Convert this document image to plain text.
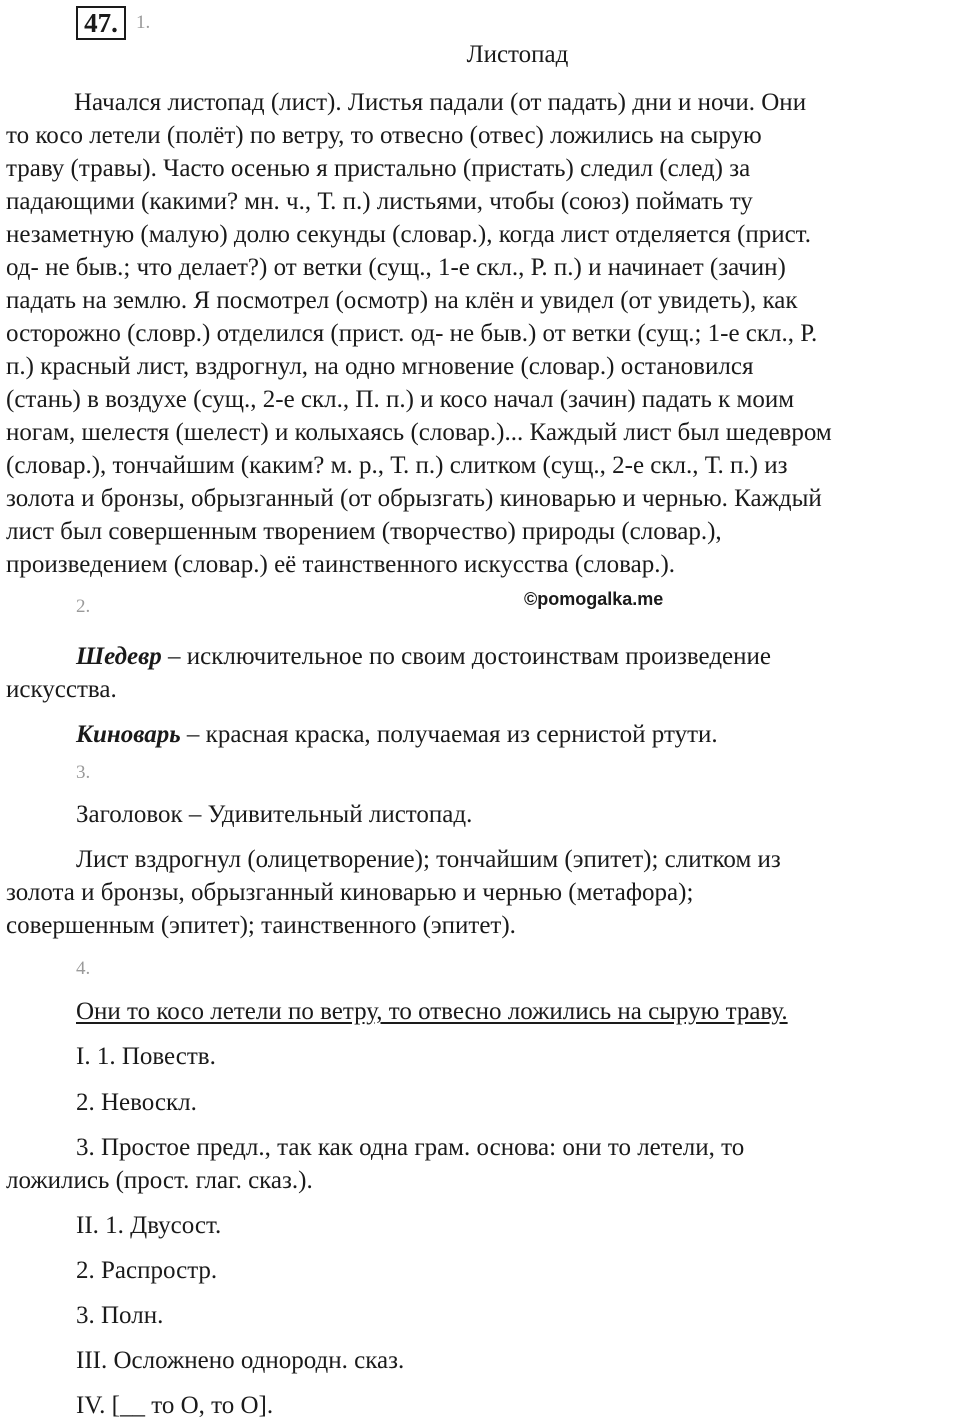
47. 1.
Листопад
Начался листопад (лист). Листья падали (от падать) дни и ночи. Они
то косо летели (полёт) по ветру, то отвесно (отвес) ложились на сырую
траву (травы). Часто осенью я пристально (пристать) следил (след) за
падающими (какими? мн. ч., Т. п.) листьями, чтобы (союз) поймать ту
незаметную (малую) долю секунды (словар.), когда лист отделяется (прист.
од- не быв.; что делает?) от ветки (сущ., 1-е скл., Р. п.) и начинает (зачин)
падать на землю. Я посмотрел (осмотр) на клён и увидел (от увидеть), как
осторожно (словр.) отделился (прист. од- не быв.) от ветки (сущ.; 1-е скл., Р.
п.) красный лист, вздрогнул, на одно мгновение (словар.) остановился
(стань) в воздухе (сущ., 2-е скл., П. п.) и косо начал (зачин) падать к моим
ногам, шелестя (шелест) и колыхаясь (словар.)... Каждый лист был шедевром
(словар.), тончайшим (каким? м. р., Т. п.) слитком (сущ., 2-е скл., Т. п.) из
золота и бронзы, обрызганный (от обрызгать) киноварью и чернью. Каждый
лист был совершенным творением (творчество) природы (словар.),
произведением (словар.) её таинственного искусства (словар.).
©pomogalka.me
2.
Шедевр – исключительное по своим достоинствам произведение
искусства.
Киноварь – красная краска, получаемая из сернистой ртути.
3.
Заголовок – Удивительный листопад.
Лист вздрогнул (олицетворение); тончайшим (эпитет); слитком из
золота и бронзы, обрызганный киноварью и чернью (метафора);
совершенным (эпитет); таинственного (эпитет).
4.
Они то косо летели по ветру, то отвесно ложились на сырую траву.
I. 1. Повеств.
2. Невоскл.
3. Простое предл., так как одна грам. основа: они то летели, то
ложились (прост. глаг. сказ.).
II. 1. Двусост.
2. Распростр.
3. Полн.
III. Осложнено однородн. сказ.
IV. [__ то O, то O].
